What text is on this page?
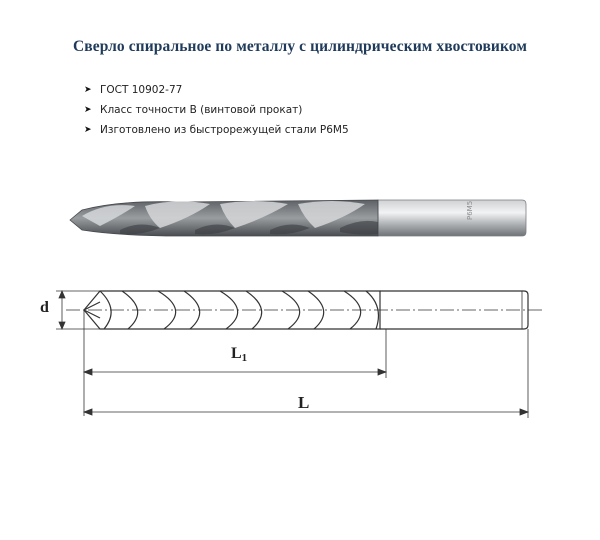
Сверло спиральное по металлу с цилиндрическим хвостовиком
➤ ГОСТ 10902-77
➤ Класс точности В (винтовой прокат)
➤ Изготовлено из быстрорежущей стали Р6М5
P6M5
d
$L_1$
L
